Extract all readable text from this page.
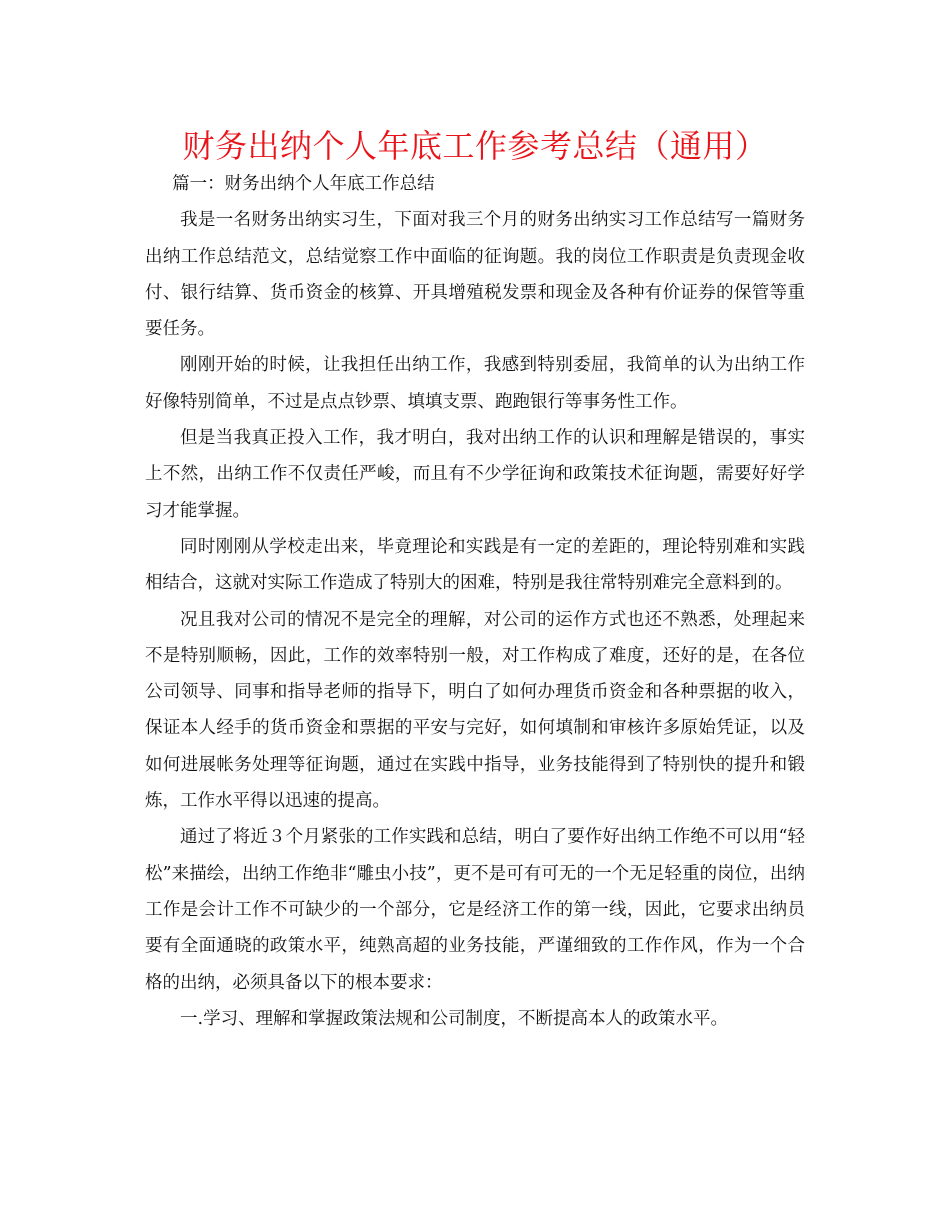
财务出纳个人年底工作参考总结（通用）

篇一：财务出纳个人年底工作总结

我是一名财务出纳实习生，下面对我三个月的财务出纳实习工作总结写一篇财务出纳工作总结范文，总结觉察工作中面临的征询题。我的岗位工作职责是负责现金收付、银行结算、货币资金的核算、开具增殖税发票和现金及各种有价证券的保管等重要任务。

刚刚开始的时候，让我担任出纳工作，我感到特别委屈，我简单的认为出纳工作好像特别简单，不过是点点钞票、填填支票、跑跑银行等事务性工作。

但是当我真正投入工作，我才明白，我对出纳工作的认识和理解是错误的，事实上不然，出纳工作不仅责任严峻，而且有不少学征询和政策技术征询题，需要好好学习才能掌握。

同时刚刚从学校走出来，毕竟理论和实践是有一定的差距的，理论特别难和实践相结合，这就对实际工作造成了特别大的困难，特别是我往常特别难完全意料到的。

况且我对公司的情况不是完全的理解，对公司的运作方式也还不熟悉，处理起来不是特别顺畅，因此，工作的效率特别一般，对工作构成了难度，还好的是，在各位公司领导、同事和指导老师的指导下，明白了如何办理货币资金和各种票据的收入，保证本人经手的货币资金和票据的平安与完好，如何填制和审核许多原始凭证，以及如何进展帐务处理等征询题，通过在实践中指导，业务技能得到了特别快的提升和锻炼，工作水平得以迅速的提高。

通过了将近３个月紧张的工作实践和总结，明白了要作好出纳工作绝不可以用“轻松”来描绘，出纳工作绝非“雕虫小技”，更不是可有可无的一个无足轻重的岗位，出纳工作是会计工作不可缺少的一个部分，它是经济工作的第一线，因此，它要求出纳员要有全面通晓的政策水平，纯熟高超的业务技能，严谨细致的工作作风，作为一个合格的出纳，必须具备以下的根本要求：

一.学习、理解和掌握政策法规和公司制度，不断提高本人的政策水平。
